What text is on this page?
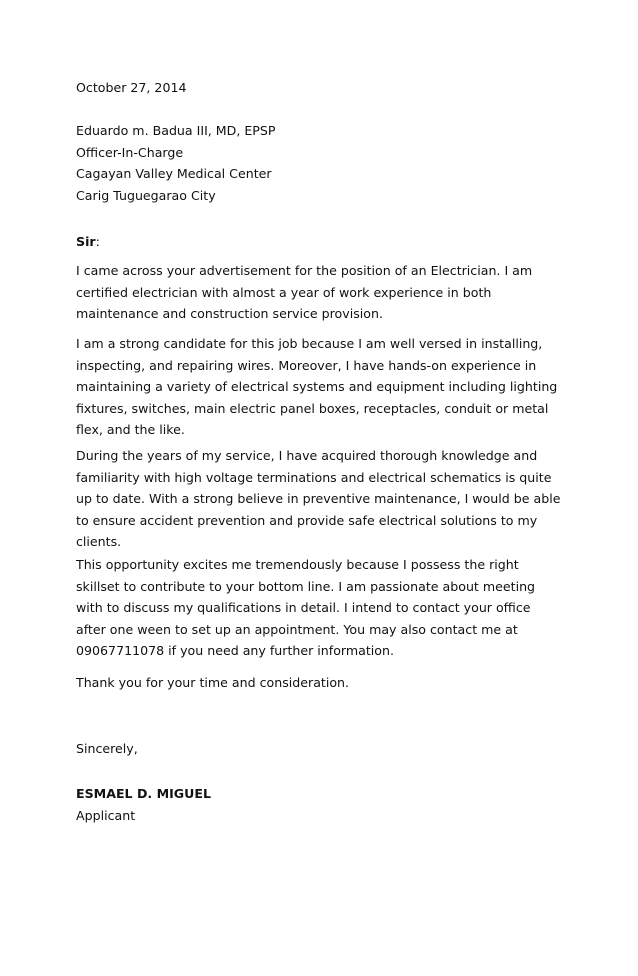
October 27, 2014
Eduardo m. Badua III, MD, EPSP
Officer-In-Charge
Cagayan Valley Medical Center
Carig Tuguegarao City
Sir:
I came across your advertisement for the position of an Electrician. I am
certified electrician with almost a year of work experience in both
maintenance and construction service provision.
I am a strong candidate for this job because I am well versed in installing,
inspecting, and repairing wires. Moreover, I have hands-on experience in
maintaining a variety of electrical systems and equipment including lighting
fixtures, switches, main electric panel boxes, receptacles, conduit or metal
flex, and the like.
During the years of my service, I have acquired thorough knowledge and
familiarity with high voltage terminations and electrical schematics is quite
up to date. With a strong believe in preventive maintenance, I would be able
to ensure accident prevention and provide safe electrical solutions to my
clients.
This opportunity excites me tremendously because I possess the right
skillset to contribute to your bottom line. I am passionate about meeting
with to discuss my qualifications in detail. I intend to contact your office
after one ween to set up an appointment. You may also contact me at
09067711078 if you need any further information.
Thank you for your time and consideration.
Sincerely,
ESMAEL D. MIGUEL
Applicant
